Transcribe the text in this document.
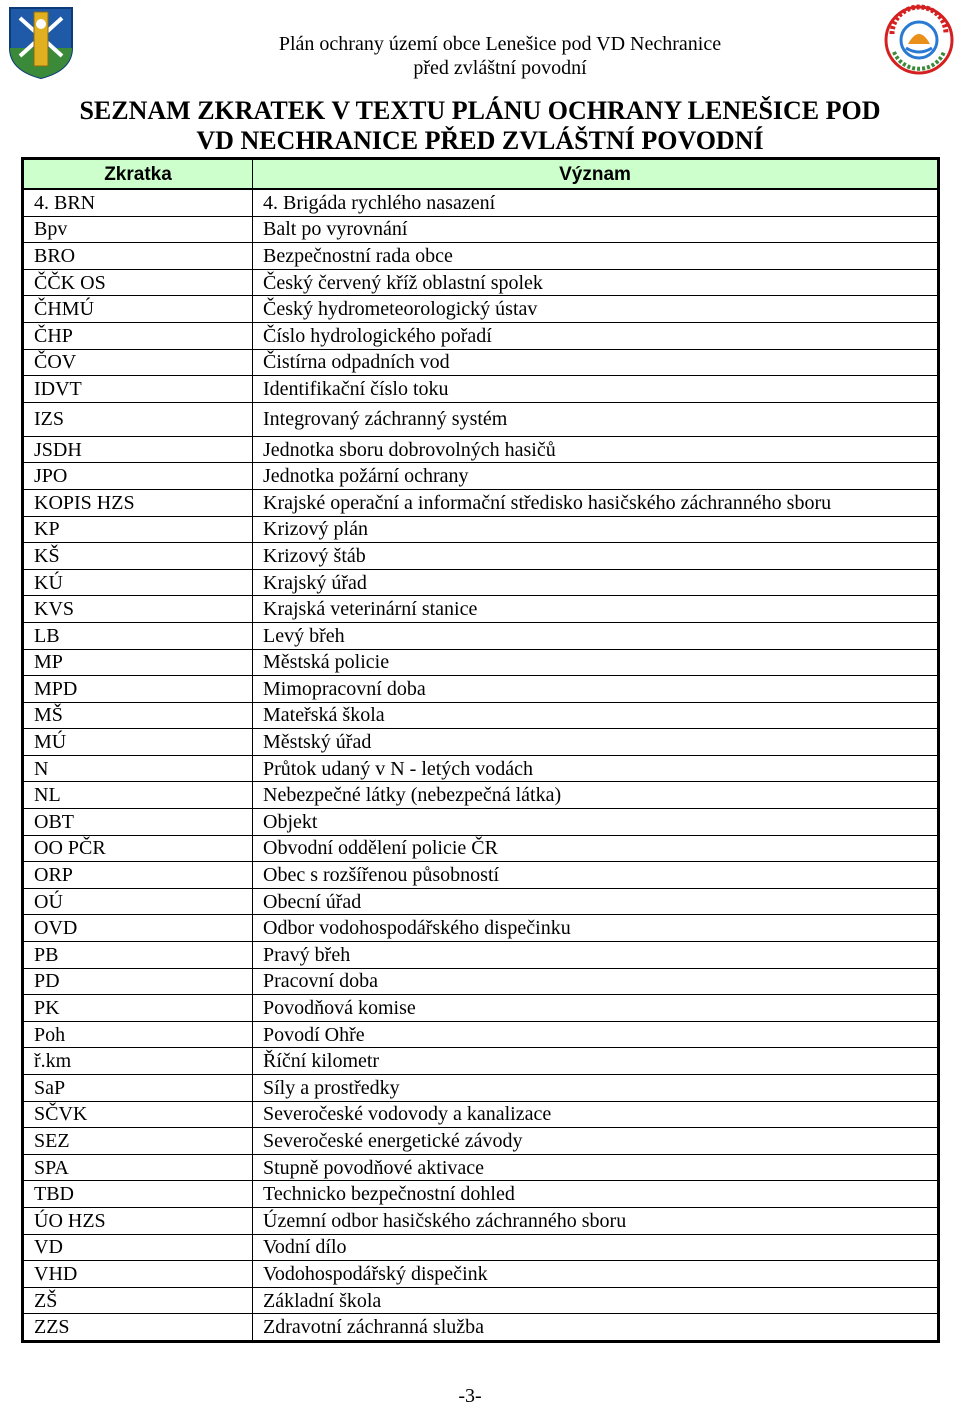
Plán ochrany území obce Lenešice pod VD Nechranice
před zvláštní povodní
SEZNAM ZKRATEK V TEXTU PLÁNU OCHRANY LENEŠICE POD
VD NECHRANICE PŘED ZVLÁŠTNÍ POVODNÍ
Zkratka	Význam
4. BRN	4. Brigáda rychlého nasazení
Bpv	Balt po vyrovnání
BRO	Bezpečnostní rada obce
ČČK OS	Český červený kříž oblastní spolek
ČHMÚ	Český hydrometeorologický ústav
ČHP	Číslo hydrologického pořadí
ČOV	Čistírna odpadních vod
IDVT	Identifikační číslo toku
IZS	Integrovaný záchranný systém
JSDH	Jednotka sboru dobrovolných hasičů
JPO	Jednotka požární ochrany
KOPIS HZS	Krajské operační a informační středisko hasičského záchranného sboru
KP	Krizový plán
KŠ	Krizový štáb
KÚ	Krajský úřad
KVS	Krajská veterinární stanice
LB	Levý břeh
MP	Městská policie
MPD	Mimopracovní doba
MŠ	Mateřská škola
MÚ	Městský úřad
N	Průtok udaný v N - letých vodách
NL	Nebezpečné látky (nebezpečná látka)
OBT	Objekt
OO PČR	Obvodní oddělení policie ČR
ORP	Obec s rozšířenou působností
OÚ	Obecní úřad
OVD	Odbor vodohospodářského dispečinku
PB	Pravý břeh
PD	Pracovní doba
PK	Povodňová komise
Poh	Povodí Ohře
ř.km	Říční kilometr
SaP	Síly a prostředky
SČVK	Severočeské vodovody a kanalizace
SEZ	Severočeské energetické závody
SPA	Stupně povodňové aktivace
TBD	Technicko bezpečnostní dohled
ÚO HZS	Územní odbor hasičského záchranného sboru
VD	Vodní dílo
VHD	Vodohospodářský dispečink
ZŠ	Základní škola
ZZS	Zdravotní záchranná služba
-3-
